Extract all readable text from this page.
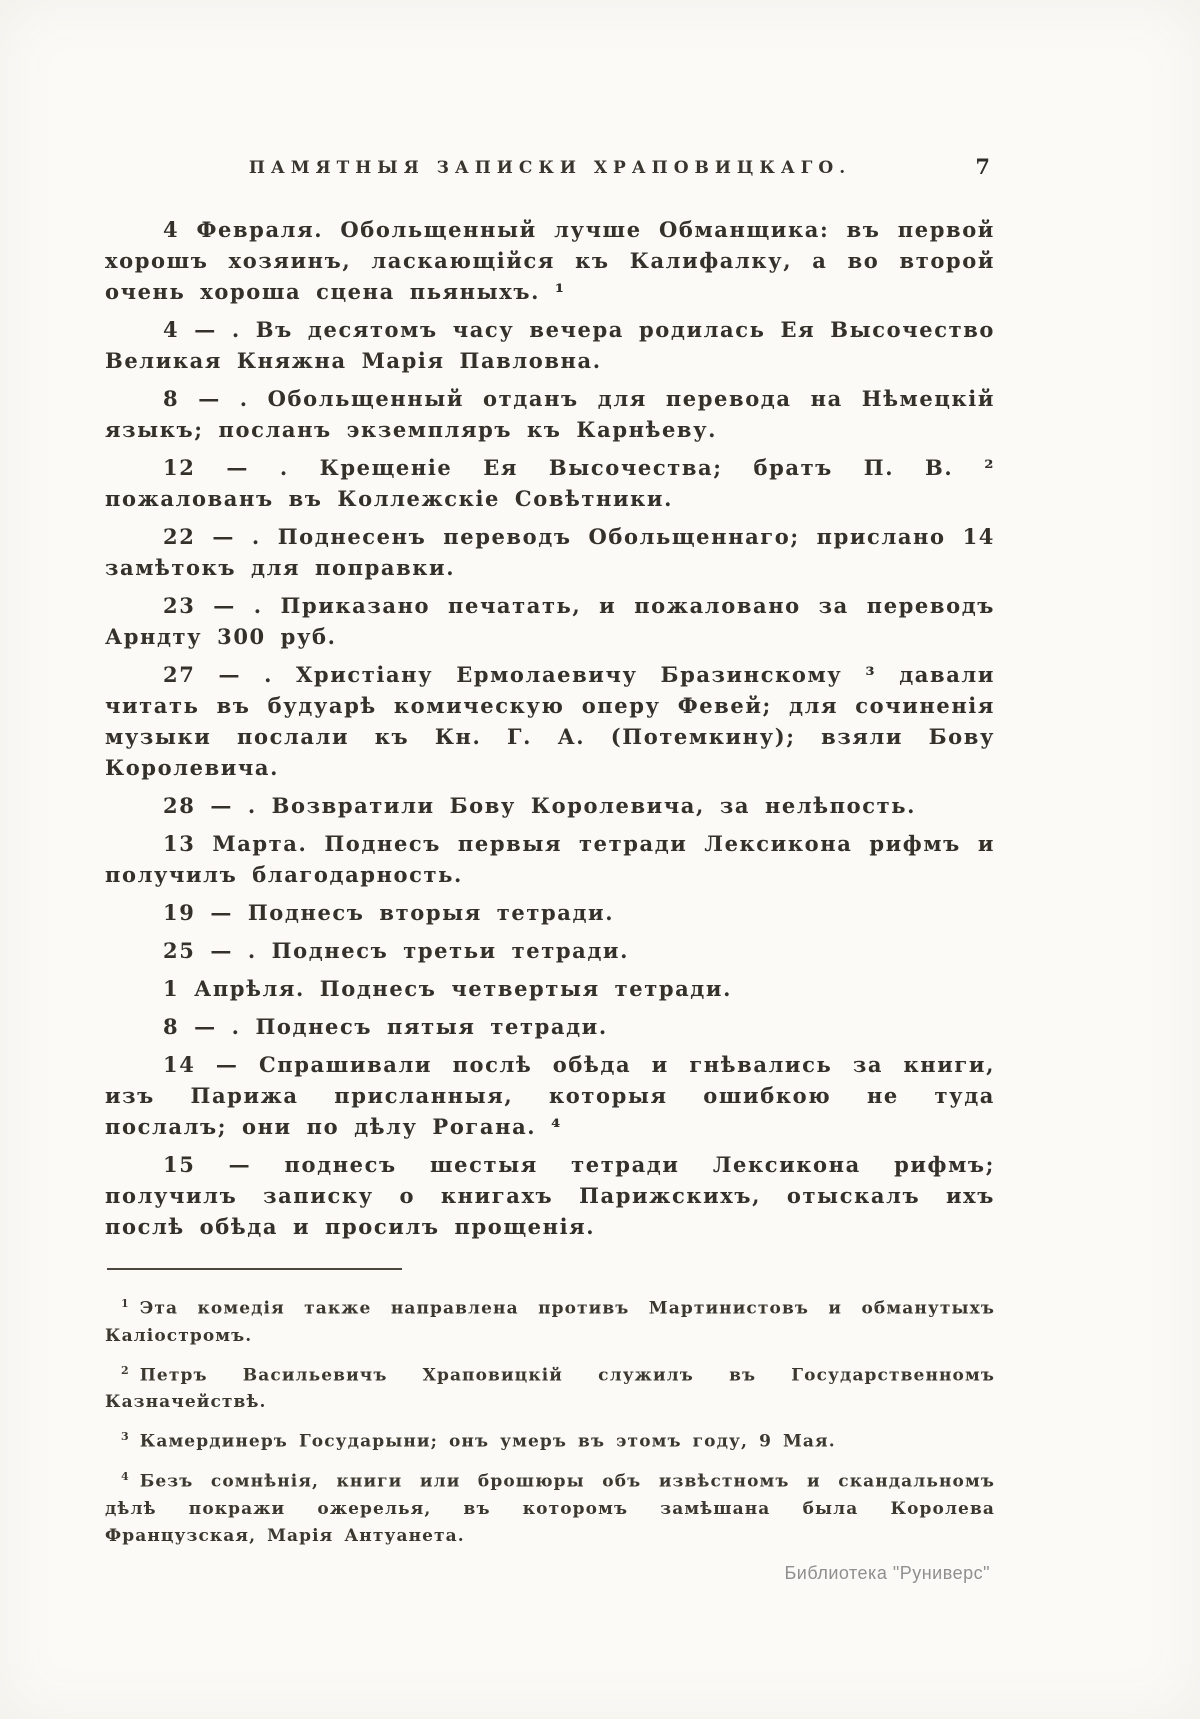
ПАМЯТНЫЯ ЗАПИСКИ ХРАПОВИЦКАГО.	7

4 Февраля. Обольщенный лучше Обманщика: въ первой хорошъ хозяинъ, ласкающійся къ Калифалку, а во второй очень хороша сцена пьяныхъ. ¹

4 — . Въ десятомъ часу вечера родилась Ея Высочество Великая Княжна Марія Павловна.

8 — . Обольщенный отданъ для перевода на Нѣмецкій языкъ; посланъ экземпляръ къ Карнѣеву.

12 — . Крещеніе Ея Высочества; братъ П. В. ² пожалованъ въ Коллежскіе Совѣтники.

22 — . Поднесенъ переводъ Обольщеннаго; прислано 14 замѣтокъ для поправки.

23 — . Приказано печатать, и пожаловано за переводъ Арндту 300 руб.

27 — . Христіану Ермолаевичу Бразинскому ³ давали читать въ будуарѣ комическую оперу Февей; для сочиненія музыки послали къ Кн. Г. А. (Потемкину); взяли Бову Королевича.

28 — . Возвратили Бову Королевича, за нелѣпость.

13 Марта. Поднесъ первыя тетради Лексикона рифмъ и получилъ благодарность.

19 — Поднесъ вторыя тетради.

25 — . Поднесъ третьи тетради.

1 Апрѣля. Поднесъ четвертыя тетради.

8 — . Поднесъ пятыя тетради.

14 — Спрашивали послѣ обѣда и гнѣвались за книги, изъ Парижа присланныя, которыя ошибкою не туда послалъ; они по дѣлу Рогана. ⁴

15 — поднесъ шестыя тетради Лексикона рифмъ; получилъ записку о книгахъ Парижскихъ, отыскалъ ихъ послѣ обѣда и просилъ прощенія.

$^1$ Эта комедія также направлена противъ Мартинистовъ и обманутыхъ Каліостромъ.

$^2$ Петръ Васильевичъ Храповицкій служилъ въ Государственномъ Казначействѣ.

$^3$ Камердинеръ Государыни; онъ умеръ въ этомъ году, 9 Мая.

$^4$ Безъ сомнѣнія, книги или брошюры объ извѣстномъ и скандальномъ дѣлѣ покражи ожерелья, въ которомъ замѣшана была Королева Французская, Марія Антуанета.

Библиотека "Руниверс"
